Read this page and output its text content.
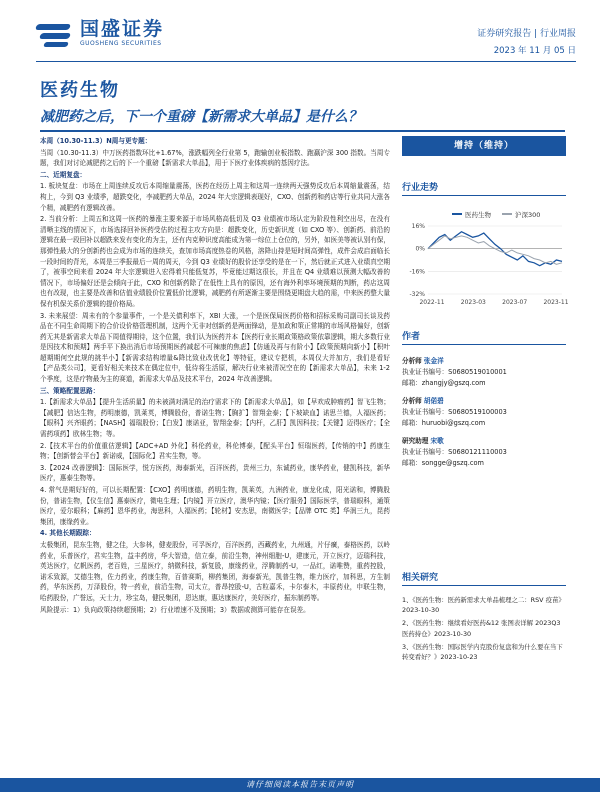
国盛证券
GUOSHENG SECURITIES
证券研究报告 | 行业周报
2023 年 11 月 05 日
医药生物
减肥药之后，下一个重磅【新需求大单品】是什么？

本周（10.30-11.3）N周与更专题：

当周（10.30-11.3）中万医药指数环比+1.67%，涨跌幅列全行业第 5，跑输创业板指数、跑赢沪深 300 指数。当周专题，我们对讨论减肥药之后的下一个重磅【新需求大单品】，用于下医疗业体疾病的基因疗法。

二、近期复盘：

1. 板块复盘：市场在上周连续反攻后本周缩量震荡，医药在经历上周主和这周一连续两天强势反攻后本周缩量震荡，结构上，今到 Q3 业绩季，超跌变化，李减肥药大单品，2024 年大宗逻辑表现好，CXO、创新药和药店等行业共同大涨各个精，减肥药有逻辑改善。

2. 当前分析：上周五和这周一医药的暴涨主要来源于市场风格高低切及 Q3 业绩被市场认定为阶段性利空出尽，在没有清晰主线的情况下，市场选择回补医药受估的过程主攻方向是：超跌变化，历史新识度（如 CXO 等）、创新药、前沿的逻辑在最一段回补以超跌来发有变化的为主，还有内克种识度高能成为第一综位上仓位的，另外，如医美等被认别有保，那弹性最大的分创新药也会成为市场的连续关，查加市场高度热卷的风格，溶降山持是短时间高弹性，成件会成启面临长一段时间的背光，本周是三季报最后一周的周天，今到 Q3 业绩好的股价还享受的是在一下，然后就正式进入业绩真空期了，被事空间来看 2024 年大宗逻辑进入宏得着只能低复苏，毕竟能过期这很长，并且在 Q4 业绩难以预测大幅改善的情况下，市场偏好还是会倾向于此，CXO 和创新药除了在低性上具有的原因，还有海外利率环境预期的判断，药店这周也有改现，也主要是改善和估值业绩股价位置低价比逻辑，减肥药有所逐渐主要是围绕更期盘大趋的需，中来医药整大量保有机保关系价逻辑的提价格局。

3. 未来展望：周未有的个参量事件，一个是关债利率下，XBI 大涨，一个是医保局医药价格和招标采购司副司长谈及药品在不同生命周期下的合价设价格管理机制，这两个无非对创新药是两面锋动，是加政和策正常期的市场风格偏好，创新药无其是新需求大单品下周值得期待，这个位置，我们认为医药并本【医药行业长期政策格政策依靠逻辑，期大多数行业是因技术和预期】两手平下换出消后市场预期医药减起不可辣康的焦虑】【仿通及再与有阶小】【政策预期向新小】【积叶超期期何空此规的挑半小】【新需求结构增量&降比致业改优化】等特征，建议专把机，本周仅大并加方，我们是看好【产品类公司】，更看好相关来技术在偶定位中，低待将生活原，解决行业来被清况空在的【新需求大单品】，未来 1-2 个季度，这是疗物最为主的赛道，新需求大单品及技术平台，2024 年改善逻辑。

三、策略配置思路：

1.【新需求大单品】【提升生活质量】的未被满对满足的治疗需求下的【新需求大单品】，如【早欢成肿瘤药】智飞生物；【减肥】信达生物，药明康德，凯莱英，博腾股份，普诺生物；【胸扩】智翔金泰；【下坡缺血】诺思兰德，人福医药；【眼科】兴齐眼药；【NASH】福瑞股份；【白发】康诺亚，智翔金泰；【内杆，乙肝】凯因科技；【关键】迈得医疗；【全需药项药】欧林生物；等。

2.【技术平台的价值重估逻辑】【ADC+AD 外化】科伦药业，科伦博泰，【配头平台】恒瑞医药，【传销的中】药康生物；【创新替会平台】新诺威，【国际化】君实生物，等。

3.【2024 改善逻辑】：国际医学，悦方医药，海泰新光，百洋医药，贵州三力，东诚药业，康华药业，健凯科技，新华医疗，惠泰生物等。

4. 常气是期好好的，可以长期配置：【CXO】药明康德，药明生物，凯莱英，九洲药业，康龙化成，阳光诺和，博腾股份，普诺生物，【仪生信】惠泰医疗，微电生理；【内镜】开立医疗，澳华内镜；【医疗服务】国际医学，普瑞眼科，通策医疗，爱尔眼科；【麻药】恩华药业，海思科，人福医药；【轮材】安杰思，南微医学；【品牌 OTC 类】华润三九，昆药集团，康缘药业。

4. 其他长期跟踪：

太极集团，昆东生物，健之佳，大参林，健麦股份，可孚医疗，百洋医药，西藏药业，九州通，片仔癀，泰格医药，以岭药业，乐普医疗，君实生物，益丰药房，华大智造，信立泰，前沿生物，神州细胞-U，建康元，开立医疗，迈瑞科技，英达医疗，亿帆医药，老百姓，三星医疗，纳微科技，新复股，康缘药业，浮腾制药-U，一品红，诺唯赞，重药控股，诺禾致源，艾德生物，佐力药业，药康生物，百普赛斯，柳药集团，海泰新光，凯普生物，维力医疗，加科思，方生制药，华东医药，万泽股份，特一药业，前沿生物，司太立，普昂控股-U，古粒嘉禾，卡尔泰木，丰原药业，申联生物，哈药股份，广誉远，天士力，珍宝岛，健民集团，恩达康，惠达康医疗，美好医疗，振东制药等。

风险提示：1）负向政策持续超预期；2）行业增速不及预期；3）数据或测算可能存在误差。

增持（维持）
行业走势
医药生物	沪深300
16%
0%
-16%
-32%
2022-11	2023-03	2023-07	2023-11
作者
分析师 张金洋
执业证书编号：S0680519010001
邮箱：zhangjy@gszq.com
分析师 胡偌碧
执业证书编号：S0680519100003
邮箱：huruobi@gszq.com
研究助理 宋歌
执业证书编号：S0680121110003
邮箱：songge@gszq.com
相关研究

1、《医药生物：医药新需求大单品梳理之二：RSV 疫苗》2023-10-30

2、《医药生物：继续看好医药&12 张图表详解 2023Q3 医药持仓》2023-10-30

3、《医药生物：国际医学内克股份复盘和为什么要在当下转变看好？》2023-10-23

请仔细阅读本报告末页声明
